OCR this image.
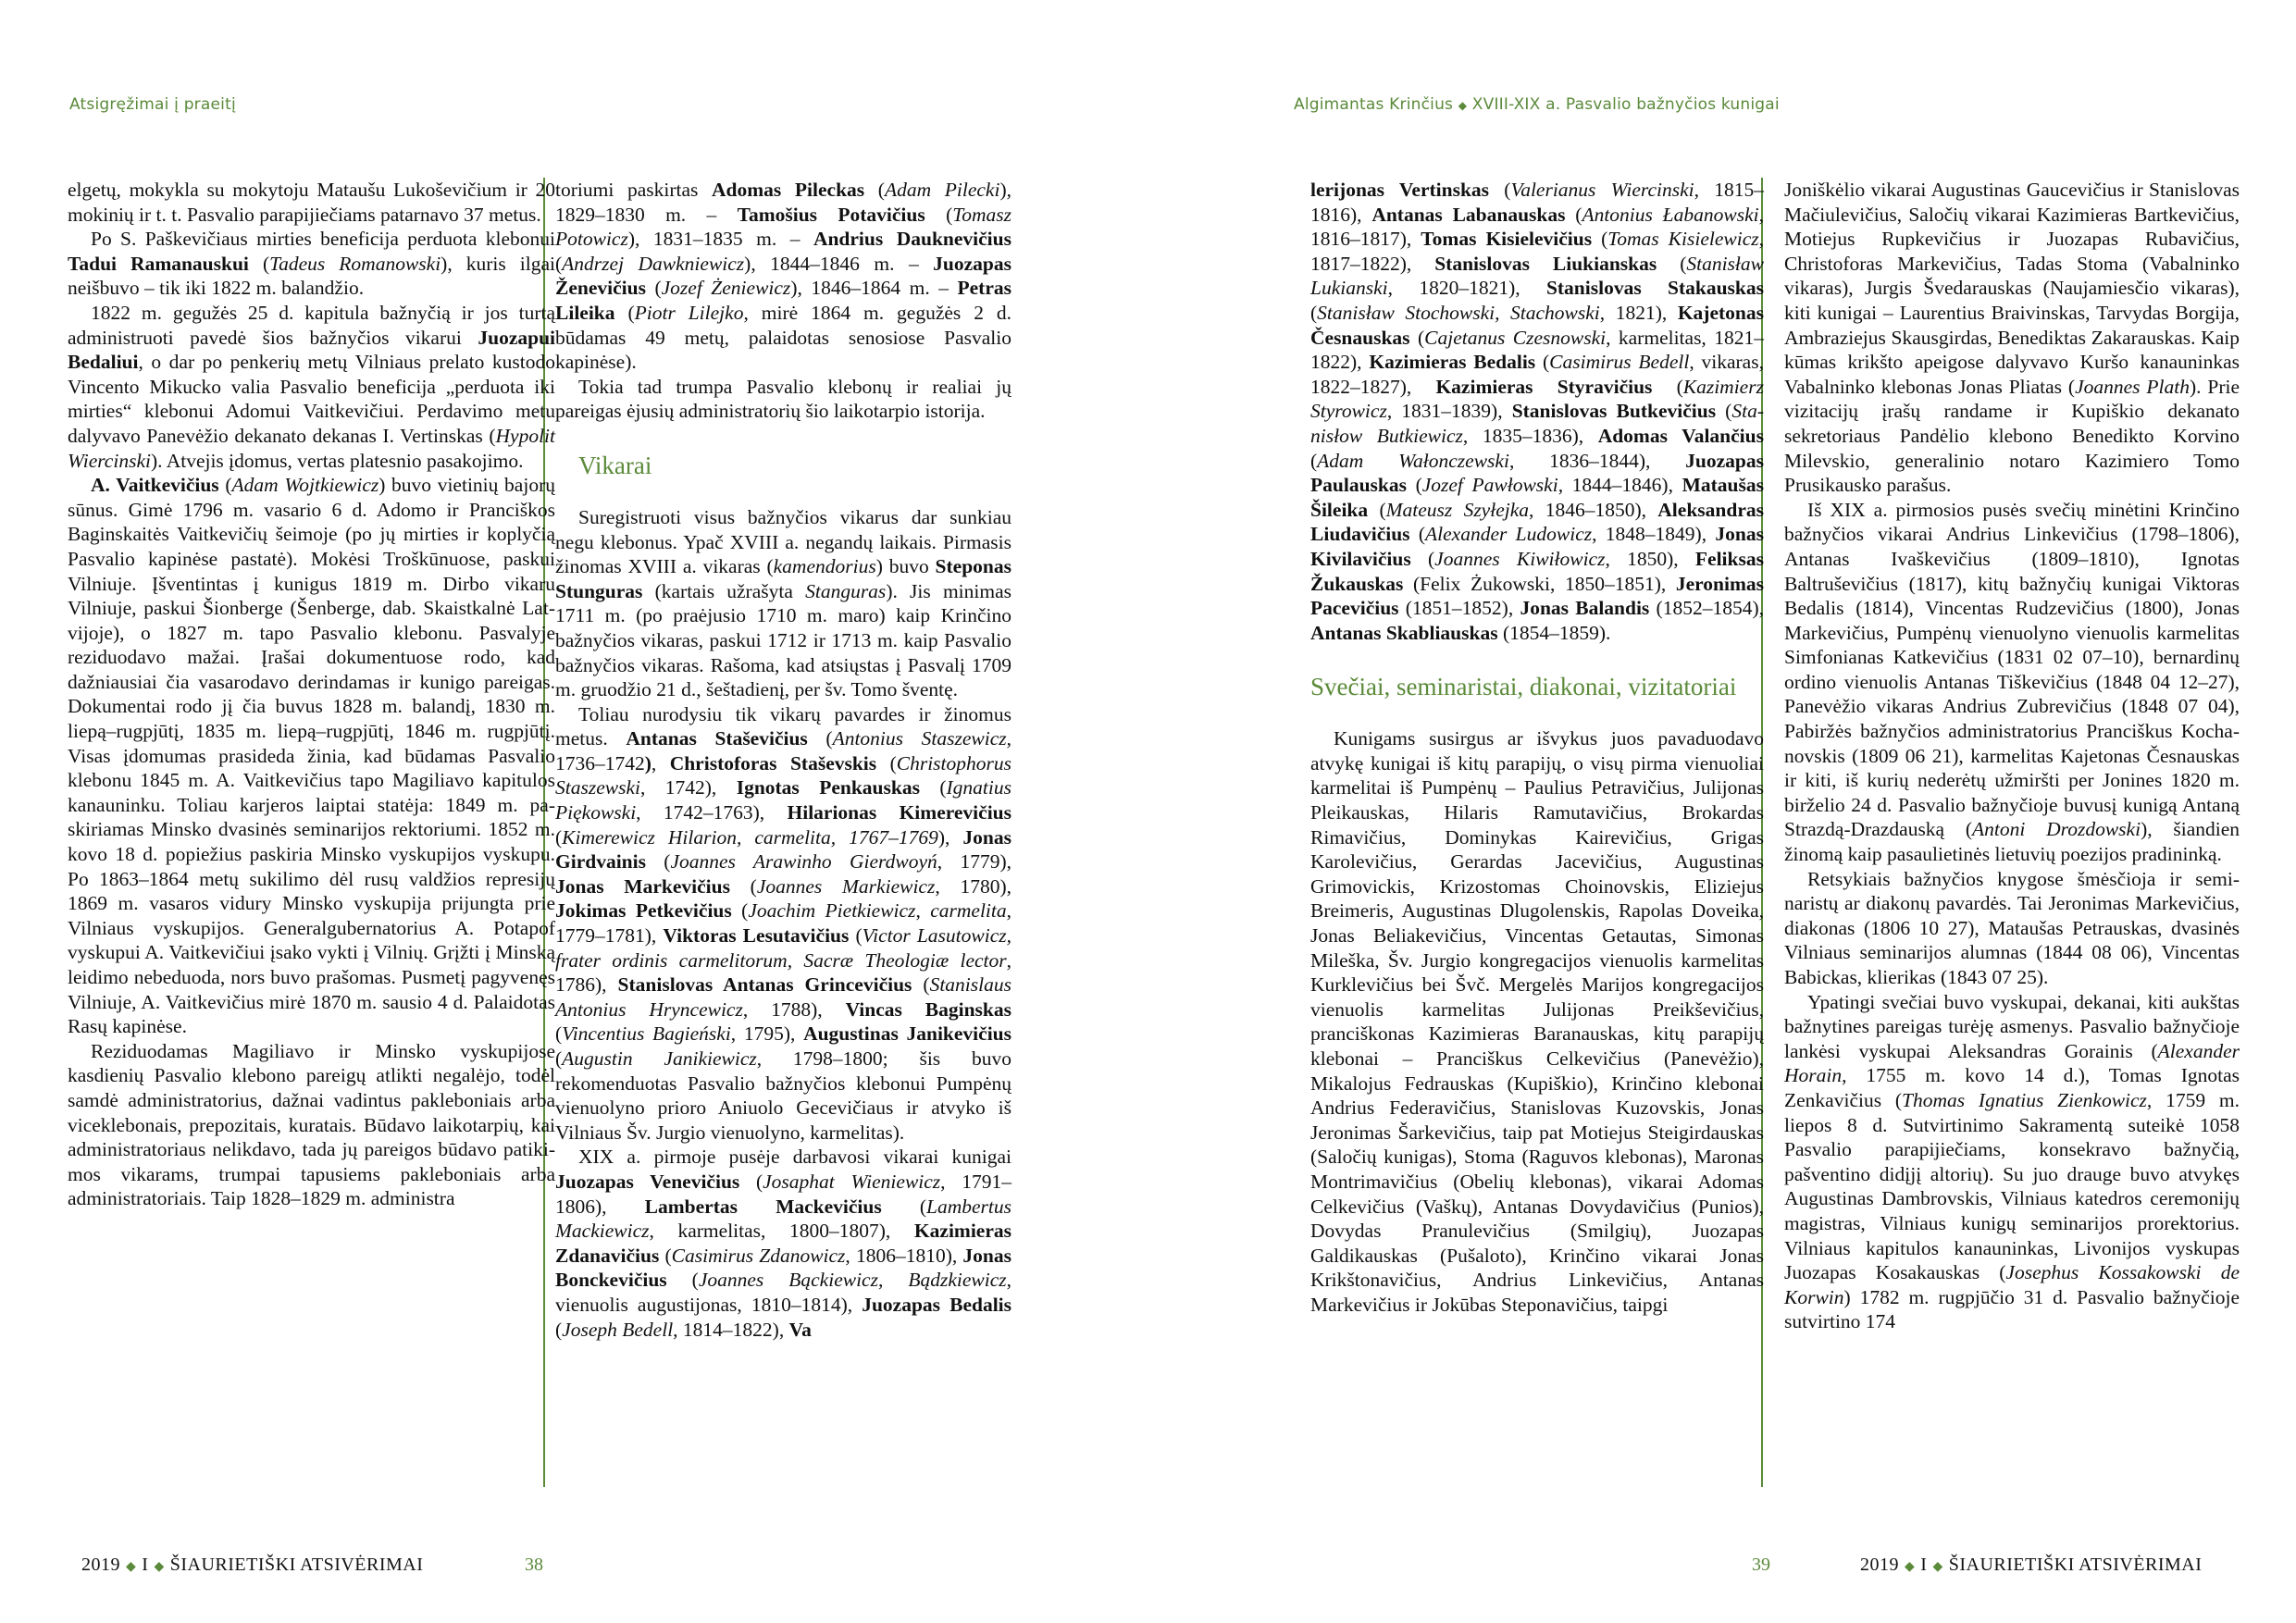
Atsigręžimai į praeitį	Algimantas Krinčius ◆ XVIII-XIX a. Pasvalio bažnyčios kunigai

elgetų, mokykla su mokytoju Mataušu Lukoševičium ir 20 mokinių ir t. t. Pasvalio parapijiečiams patarnavo 37 metus.

Po S. Paškevičiaus mirties beneficija perduota klebonui Tadui Ramanauskui (Tadeus Romanowski), kuris ilgai neišbuvo – tik iki 1822 m. balandžio.

1822 m. gegužės 25 d. kapitula bažnyčią ir jos turtą administruoti pavedė šios bažnyčios vikarui Juozapui Bedaliui, o dar po penkerių metų Vilniaus prelato kustodo Vincento Mikucko valia Pasvalio beneficija „perduota iki mirties“ klebonui Adomui Vaitkevičiui. Perdavimo metu dalyvavo Panevėžio dekanato dekanas I. Vertinskas (Hypolit Wiercinski). Atvejis įdomus, vertas platesnio pasakojimo.

A. Vaitkevičius (Adam Wojtkiewicz) buvo vietinių bajorų sūnus. Gimė 1796 m. vasario 6 d. Adomo ir Pranciškos Baginskaitės Vaitkevičių šeimoje (po jų mirties ir koplyčią Pasvalio kapinėse pastatė). Mokėsi Troškūnuose, paskui Vilniuje. Įšventintas į kunigus 1819 m. Dirbo vikaru Vilniuje, paskui Šionberge (Šenberge, dab. Skaistkalnė Latvijoje), o 1827 m. tapo Pasvalio klebonu. Pasvalyje reziduodavo mažai. Įrašai dokumentuose rodo, kad dažniausiai čia vasarodavo derindamas ir kunigo pareigas. Dokumentai rodo jį čia buvus 1828 m. balandį, 1830 m. liepą–rugpjūtį, 1835 m. liepą–rugpjūtį, 1846 m. rugpjūtį. Visas įdomumas prasideda žinia, kad būdamas Pasvalio klebonu 1845 m. A. Vaitkevičius tapo Magiliavo kapitulos kanauninku. Toliau karjeros laiptai statėja: 1849 m. paskiriamas Minsko dvasinės seminarijos rektoriumi. 1852 m. kovo 18 d. popiežius paskiria Minsko vyskupijos vyskupu. Po 1863–1864 metų sukilimo dėl rusų valdžios represijų 1869 m. vasaros vidury Minsko vyskupija prijungta prie Vilniaus vyskupijos. Generalgubernatorius A. Potapof vyskupui A. Vaitkevičiui įsako vykti į Vilnių. Grįžti į Minską leidimo nebeduoda, nors buvo prašomas. Pusmetį pagyvenęs Vilniuje, A. Vaitkevičius mirė 1870 m. sausio 4 d. Palaidotas Rasų kapinėse.

Reziduodamas Magiliavo ir Minsko vyskupijose kasdienių Pasvalio klebono pareigų atlikti negalėjo, todėl samdė administratorius, dažnai vadintus pakleboniais arba viceklebonais, prepozitais, kuratais. Būdavo laikotarpių, kai administratoriaus nelikdavo, tada jų pareigos būdavo patikimos vikarams, trumpai tapusiems pakleboniais arba administratoriais. Taip 1828–1829 m. administra

toriumi paskirtas Adomas Pileckas (Adam Pilecki), 1829–1830 m. – Tamošius Potavičius (Tomasz Potowicz), 1831–1835 m. – Andrius Dauknevičius (Andrzej Dawkniewicz), 1844–1846 m. – Juozapas Ženevičius (Jozef Żeniewicz), 1846–1864 m. – Petras Lileika (Piotr Lilejko, mirė 1864 m. gegužės 2 d. būdamas 49 metų, palaidotas senosiose Pasvalio kapinėse).

Tokia tad trumpa Pasvalio klebonų ir realiai jų pareigas ėjusių administratorių šio laikotarpio istorija.

Vikarai

Suregistruoti visus bažnyčios vikarus dar sunkiau negu klebonus. Ypač XVIII a. negandų laikais. Pirmasis žinomas XVIII a. vikaras (kamendorius) buvo Steponas Stunguras (kartais užrašyta Stanguras). Jis minimas 1711 m. (po praėjusio 1710 m. maro) kaip Krinčino bažnyčios vikaras, paskui 1712 ir 1713 m. kaip Pasvalio bažnyčios vikaras. Rašoma, kad atsiųstas į Pasvalį 1709 m. gruodžio 21 d., šeštadienį, per šv. Tomo šventę.

Toliau nurodysiu tik vikarų pavardes ir žinomus metus. Antanas Staševičius (Antonius Staszewicz, 1736–1742), Christoforas Staševskis (Christophorus Staszewski, 1742), Ignotas Penkauskas (Ignatius Piękowski, 1742–1763), Hilarionas Kimerevičius (Kimerewicz Hilarion, carmelita, 1767–1769), Jonas Girdvainis (Joannes Arawinho Gierdwoyń, 1779), Jonas Markevičius (Joannes Markiewicz, 1780), Jokimas Petkevičius (Joachim Pietkiewicz, carmelita, 1779–1781), Viktoras Lesutavičius (Victor Lasutowicz, frater ordinis carmelitorum, Sacræ Theologiæ lector, 1786), Stanislovas Antanas Grincevičius (Stanislaus Antonius Hryncewicz, 1788), Vincas Baginskas (Vincentius Bagieński, 1795), Augustinas Janikevičius (Augustin Janikiewicz, 1798–1800; šis buvo rekomenduotas Pasvalio bažnyčios klebonui Pumpėnų vienuolyno prioro Aniuolo Gecevičiaus ir atvyko iš Vilniaus Šv. Jurgio vienuolyno, karmelitas).

XIX a. pirmoje pusėje darbavosi vikarai kunigai Juozapas Venevičius (Josaphat Wieniewicz, 1791–1806), Lambertas Mackevičius (Lambertus Mackiewicz, karmelitas, 1800–1807), Kazimieras Zdanavičius (Casimirus Zdanowicz, 1806–1810), Jonas Bonckevičius (Joannes Bąckiewicz, Bądzkiewicz, vienuolis augustijonas, 1810–1814), Juozapas Bedalis (Joseph Bedell, 1814–1822), Va

lerijonas Vertinskas (Valerianus Wiercinski, 1815–1816), Antanas Labanauskas (Antonius Łabanowski, 1816–1817), Tomas Kisielevičius (Tomas Kisielewicz, 1817–1822), Stanislovas Liukianskas (Stanisław Lukianski, 1820–1821), Stanislovas Stakauskas (Stanisław Stochowski, Stachowski, 1821), Kajetonas Česnauskas (Cajetanus Czesnowski, karmelitas, 1821–1822), Kazimieras Bedalis (Casimirus Bedell, vikaras, 1822–1827), Kazimieras Styravičius (Kazimierz Styrowicz, 1831–1839), Stanislovas Butkevičius (Stanisłow Butkiewicz, 1835–1836), Adomas Valančius (Adam Wałonczewski, 1836–1844), Juozapas Paulauskas (Jozef Pawłowski, 1844–1846), Mataušas Šileika (Mateusz Szyłejka, 1846–1850), Aleksandras Liudavičius (Alexander Ludowicz, 1848–1849), Jonas Kivilavičius (Joannes Kiwiłowicz, 1850), Feliksas Žukauskas (Felix Żukowski, 1850–1851), Jeronimas Pacevičius (1851–1852), Jonas Balandis (1852–1854), Antanas Skabliauskas (1854–1859).

Svečiai, seminaristai, diakonai, vizitatoriai

Kunigams susirgus ar išvykus juos pavaduodavo atvykę kunigai iš kitų parapijų, o visų pirma vienuoliai karmelitai iš Pumpėnų – Paulius Petravičius, Julijonas Pleikauskas, Hilaris Ramutavičius, Brokardas Rimavičius, Dominykas Kairevičius, Grigas Karolevičius, Gerardas Jacevičius, Augustinas Grimovickis, Krizostomas Choinovskis, Eliziejus Breimeris, Augustinas Dlugolenskis, Rapolas Doveika, Jonas Beliakevičius, Vincentas Getautas, Simonas Mileška, Šv. Jurgio kongregacijos vienuolis karmelitas Kurklevičius bei Švč. Mergelės Marijos kongregacijos vienuolis karmelitas Julijonas Preikševičius, pranciškonas Kazimieras Baranauskas, kitų parapijų klebonai – Pranciškus Celkevičius (Panevėžio), Mikalojus Fedrauskas (Kupiškio), Krinčino klebonai Andrius Federavičius, Stanislovas Kuzovskis, Jonas Jeronimas Šarkevičius, taip pat Motiejus Steigirdauskas (Saločių kunigas), Stoma (Raguvos klebonas), Maronas Montrimavičius (Obelių klebonas), vikarai Adomas Celkevičius (Vaškų), Antanas Dovydavičius (Punios), Dovydas Pranulevičius (Smilgių), Juozapas Galdikauskas (Pušaloto), Krinčino vikarai Jonas Krikštonavičius, Andrius Linkevičius, Antanas Markevičius ir Jokūbas Steponavičius, taipgi

Joniškėlio vikarai Augustinas Gaucevičius ir Stanislovas Mačiulevičius, Saločių vikarai Kazimieras Bartkevičius, Motiejus Rupkevičius ir Juozapas Rubavičius, Christoforas Markevičius, Tadas Stoma (Vabalninko vikaras), Jurgis Švedarauskas (Naujamiesčio vikaras), kiti kunigai – Laurentius Braivinskas, Tarvydas Borgija, Ambraziejus Skausgirdas, Benediktas Zakarauskas. Kaip kūmas krikšto apeigose dalyvavo Kuršo kanauninkas Vabalninko klebonas Jonas Pliatas (Joannes Plath). Prie vizitacijų įrašų randame ir Kupiškio dekanato sekretoriaus Pandėlio klebono Benedikto Korvino Milevskio, generalinio notaro Kazimiero Tomo Prusikausko parašus.

Iš XIX a. pirmosios pusės svečių minėtini Krinčino bažnyčios vikarai Andrius Linkevičius (1798–1806), Antanas Ivaškevičius (1809–1810), Ignotas Baltruševičius (1817), kitų bažnyčių kunigai Viktoras Bedalis (1814), Vincentas Rudzevičius (1800), Jonas Markevičius, Pumpėnų vienuolyno vienuolis karmelitas Simfonianas Katkevičius (1831 02 07–10), bernardinų ordino vienuolis Antanas Tiškevičius (1848 04 12–27), Panevėžio vikaras Andrius Zubrevičius (1848 07 04), Pabiržės bažnyčios administratorius Pranciškus Kochanovskis (1809 06 21), karmelitas Kajetonas Česnauskas ir kiti, iš kurių nederėtų užmiršti per Jonines 1820 m. birželio 24 d. Pasvalio bažnyčioje buvusį kunigą Antaną Strazdą-Drazdauską (Antoni Drozdowski), šiandien žinomą kaip pasaulietinės lietuvių poezijos pradininką.

Retsykiais bažnyčios knygose šmėsčioja ir seminaristų ar diakonų pavardės. Tai Jeronimas Markevičius, diakonas (1806 10 27), Mataušas Petrauskas, dvasinės Vilniaus seminarijos alumnas (1844 08 06), Vincentas Babickas, klierikas (1843 07 25).

Ypatingi svečiai buvo vyskupai, dekanai, kiti aukštas bažnytines pareigas turėję asmenys. Pasvalio bažnyčioje lankėsi vyskupai Aleksandras Gorainis (Alexander Horain, 1755 m. kovo 14 d.), Tomas Ignotas Zenkavičius (Thomas Ignatius Zienkowicz, 1759 m. liepos 8 d. Sutvirtinimo Sakramentą suteikė 1058 Pasvalio parapijiečiams, konsekravo bažnyčią, pašventino didįjį altorių). Su juo drauge buvo atvykęs Augustinas Dambrovskis, Vilniaus katedros ceremonijų magistras, Vilniaus kunigų seminarijos prorektorius. Vilniaus kapitulos kanauninkas, Livonijos vyskupas Juozapas Kosakauskas (Josephus Kossakowski de Korwin) 1782 m. rugpjūčio 31 d. Pasvalio bažnyčioje sutvirtino 174

2019 ◆ I ◆ ŠIAURIETIŠKI ATSIVĖRIMAI	38	39	2019 ◆ I ◆ ŠIAURIETIŠKI ATSIVĖRIMAI
